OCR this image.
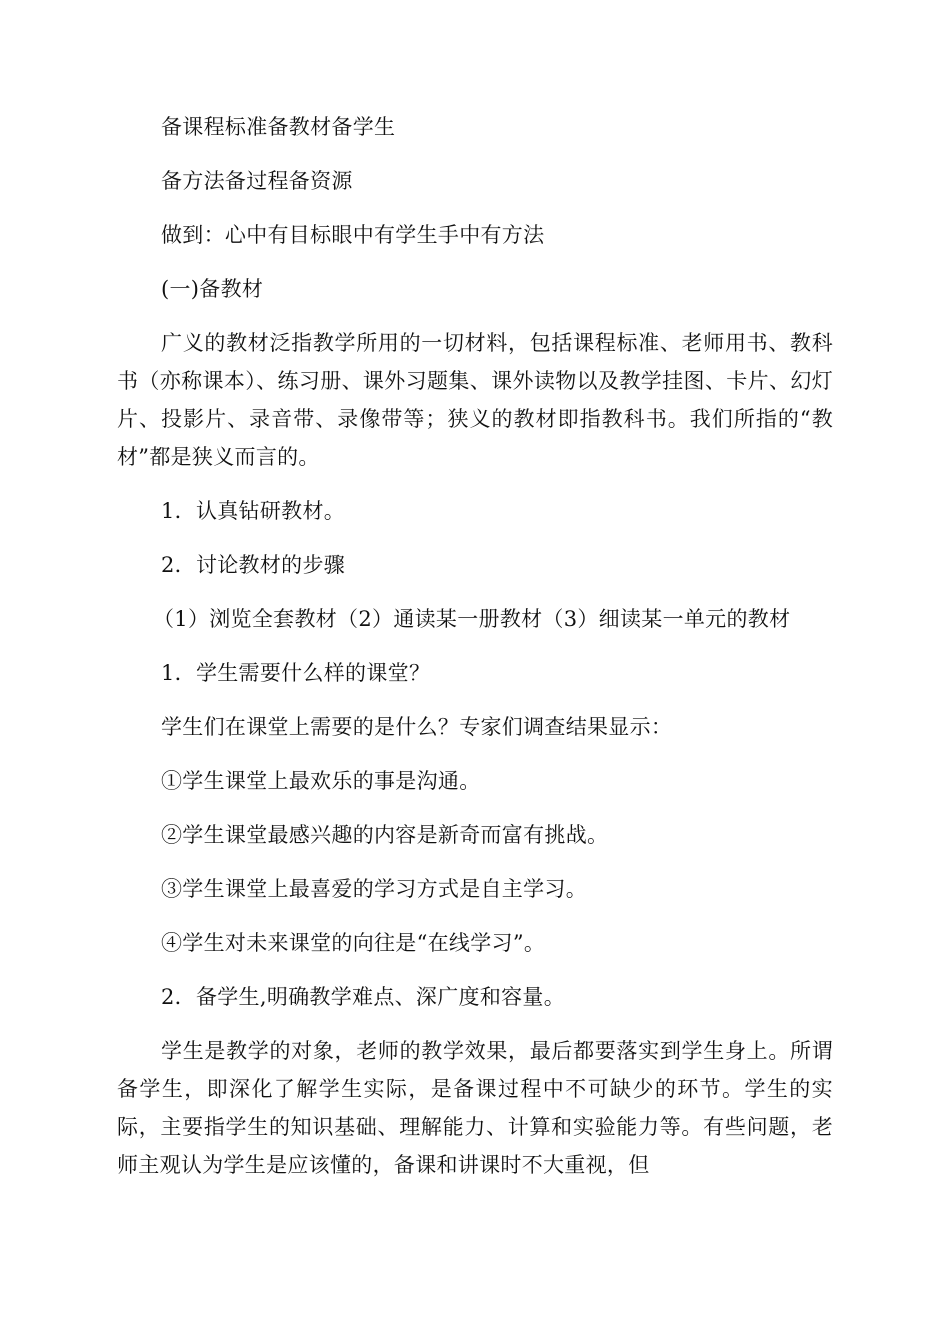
备课程标准备教材备学生

备方法备过程备资源

做到：心中有目标眼中有学生手中有方法

(一)备教材

广义的教材泛指教学所用的一切材料，包括课程标准、老师用书、教科书（亦称课本）、练习册、课外习题集、课外读物以及教学挂图、卡片、幻灯片、投影片、录音带、录像带等；狭义的教材即指教科书。我们所指的“教材”都是狭义而言的。

1．认真钻研教材。

2．讨论教材的步骤

（1）浏览全套教材（2）通读某一册教材（3）细读某一单元的教材

1．学生需要什么样的课堂？

学生们在课堂上需要的是什么？专家们调查结果显示：

①学生课堂上最欢乐的事是沟通。

②学生课堂最感兴趣的内容是新奇而富有挑战。

③学生课堂上最喜爱的学习方式是自主学习。

④学生对未来课堂的向往是“在线学习”。

2．备学生,明确教学难点、深广度和容量。

学生是教学的对象，老师的教学效果，最后都要落实到学生身上。所谓备学生，即深化了解学生实际，是备课过程中不可缺少的环节。学生的实际，主要指学生的知识基础、理解能力、计算和实验能力等。有些问题，老师主观认为学生是应该懂的，备课和讲课时不大重视，但
